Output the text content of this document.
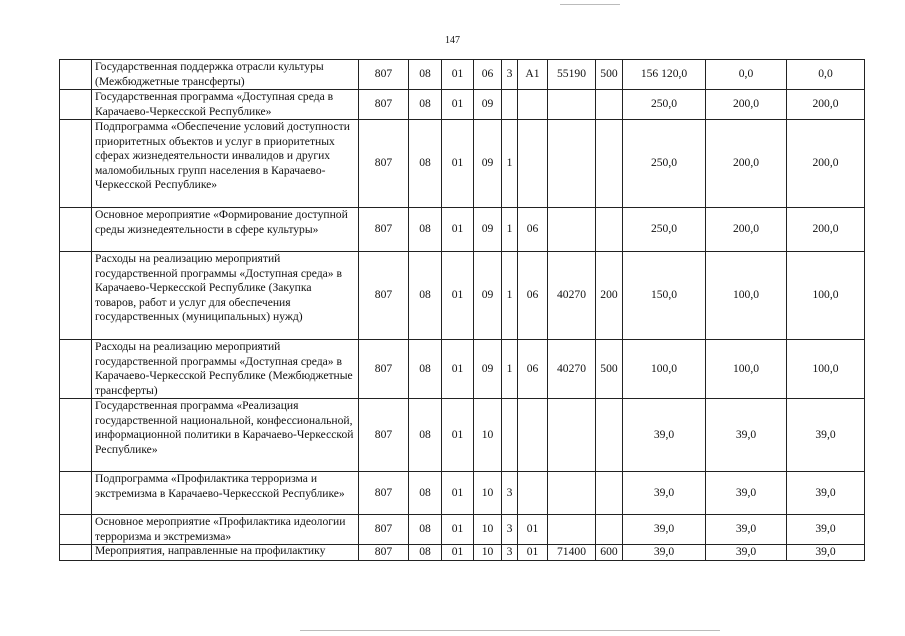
147
	Государственная поддержка отрасли культуры (Межбюджетные трансферты)	807	08	01	06	3	A1	55190	500	156 120,0	0,0	0,0
	Государственная программа «Доступная среда в Карачаево-Черкесской Республике»	807	08	01	09					250,0	200,0	200,0
	Подпрограмма «Обеспечение условий доступности приоритетных объектов и услуг в приоритетных сферах жизнедеятельности инвалидов и других маломобильных групп населения в Карачаево-Черкесской Республике»	807	08	01	09	1				250,0	200,0	200,0
	Основное мероприятие «Формирование доступной среды жизнедеятельности в сфере культуры»	807	08	01	09	1	06			250,0	200,0	200,0
	Расходы на реализацию мероприятий государственной программы «Доступная среда» в Карачаево-Черкесской Республике (Закупка товаров, работ и услуг для обеспечения государственных (муниципальных) нужд)	807	08	01	09	1	06	40270	200	150,0	100,0	100,0
	Расходы на реализацию мероприятий государственной программы «Доступная среда» в Карачаево-Черкесской Республике (Межбюджетные трансферты)	807	08	01	09	1	06	40270	500	100,0	100,0	100,0
	Государственная программа «Реализация государственной национальной, конфессиональной, информационной политики в Карачаево-Черкесской Республике»	807	08	01	10					39,0	39,0	39,0
	Подпрограмма «Профилактика терроризма и экстремизма в Карачаево-Черкесской Республике»	807	08	01	10	3				39,0	39,0	39,0
	Основное мероприятие «Профилактика идеологии терроризма и экстремизма»	807	08	01	10	3	01			39,0	39,0	39,0
	Мероприятия, направленные на профилактику	807	08	01	10	3	01	71400	600	39,0	39,0	39,0
